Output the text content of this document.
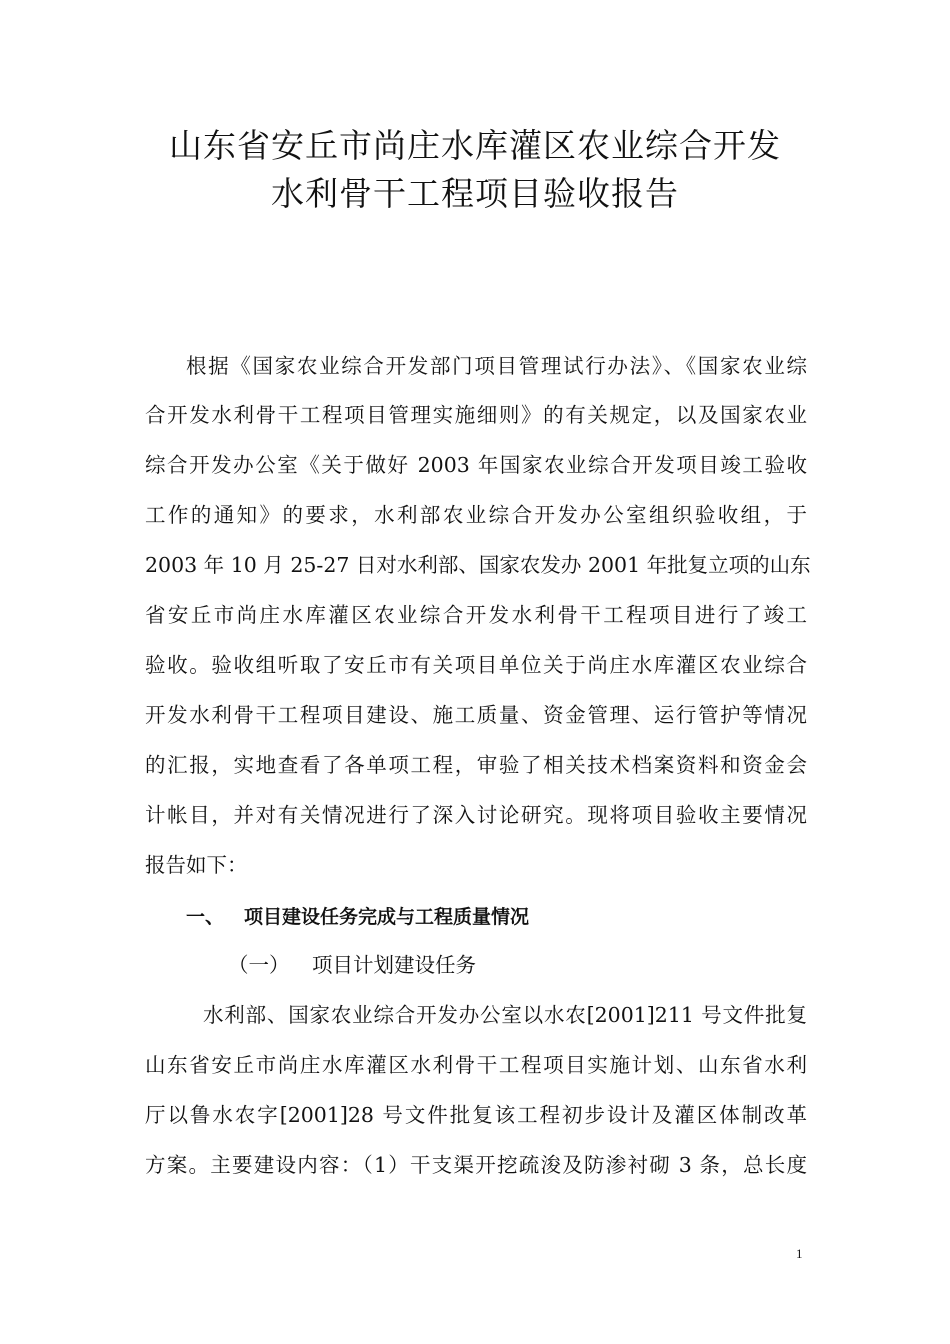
山东省安丘市尚庄水库灌区农业综合开发
水利骨干工程项目验收报告
根据《国家农业综合开发部门项目管理试行办法》、《国家农业综
合开发水利骨干工程项目管理实施细则》的有关规定，以及国家农业
综合开发办公室《关于做好 2003 年国家农业综合开发项目竣工验收
工作的通知》的要求，水利部农业综合开发办公室组织验收组，于
2003 年 10 月 25-27 日对水利部、国家农发办 2001 年批复立项的山东
省安丘市尚庄水库灌区农业综合开发水利骨干工程项目进行了竣工
验收。验收组听取了安丘市有关项目单位关于尚庄水库灌区农业综合
开发水利骨干工程项目建设、施工质量、资金管理、运行管护等情况
的汇报，实地查看了各单项工程，审验了相关技术档案资料和资金会
计帐目，并对有关情况进行了深入讨论研究。现将项目验收主要情况
报告如下：
一、 项目建设任务完成与工程质量情况
（一） 项目计划建设任务
水利部、国家农业综合开发办公室以水农[2001]211 号文件批复
山东省安丘市尚庄水库灌区水利骨干工程项目实施计划、山东省水利
厅以鲁水农字[2001]28 号文件批复该工程初步设计及灌区体制改革
方案。主要建设内容：（1）干支渠开挖疏浚及防渗衬砌 3 条，总长度
1
